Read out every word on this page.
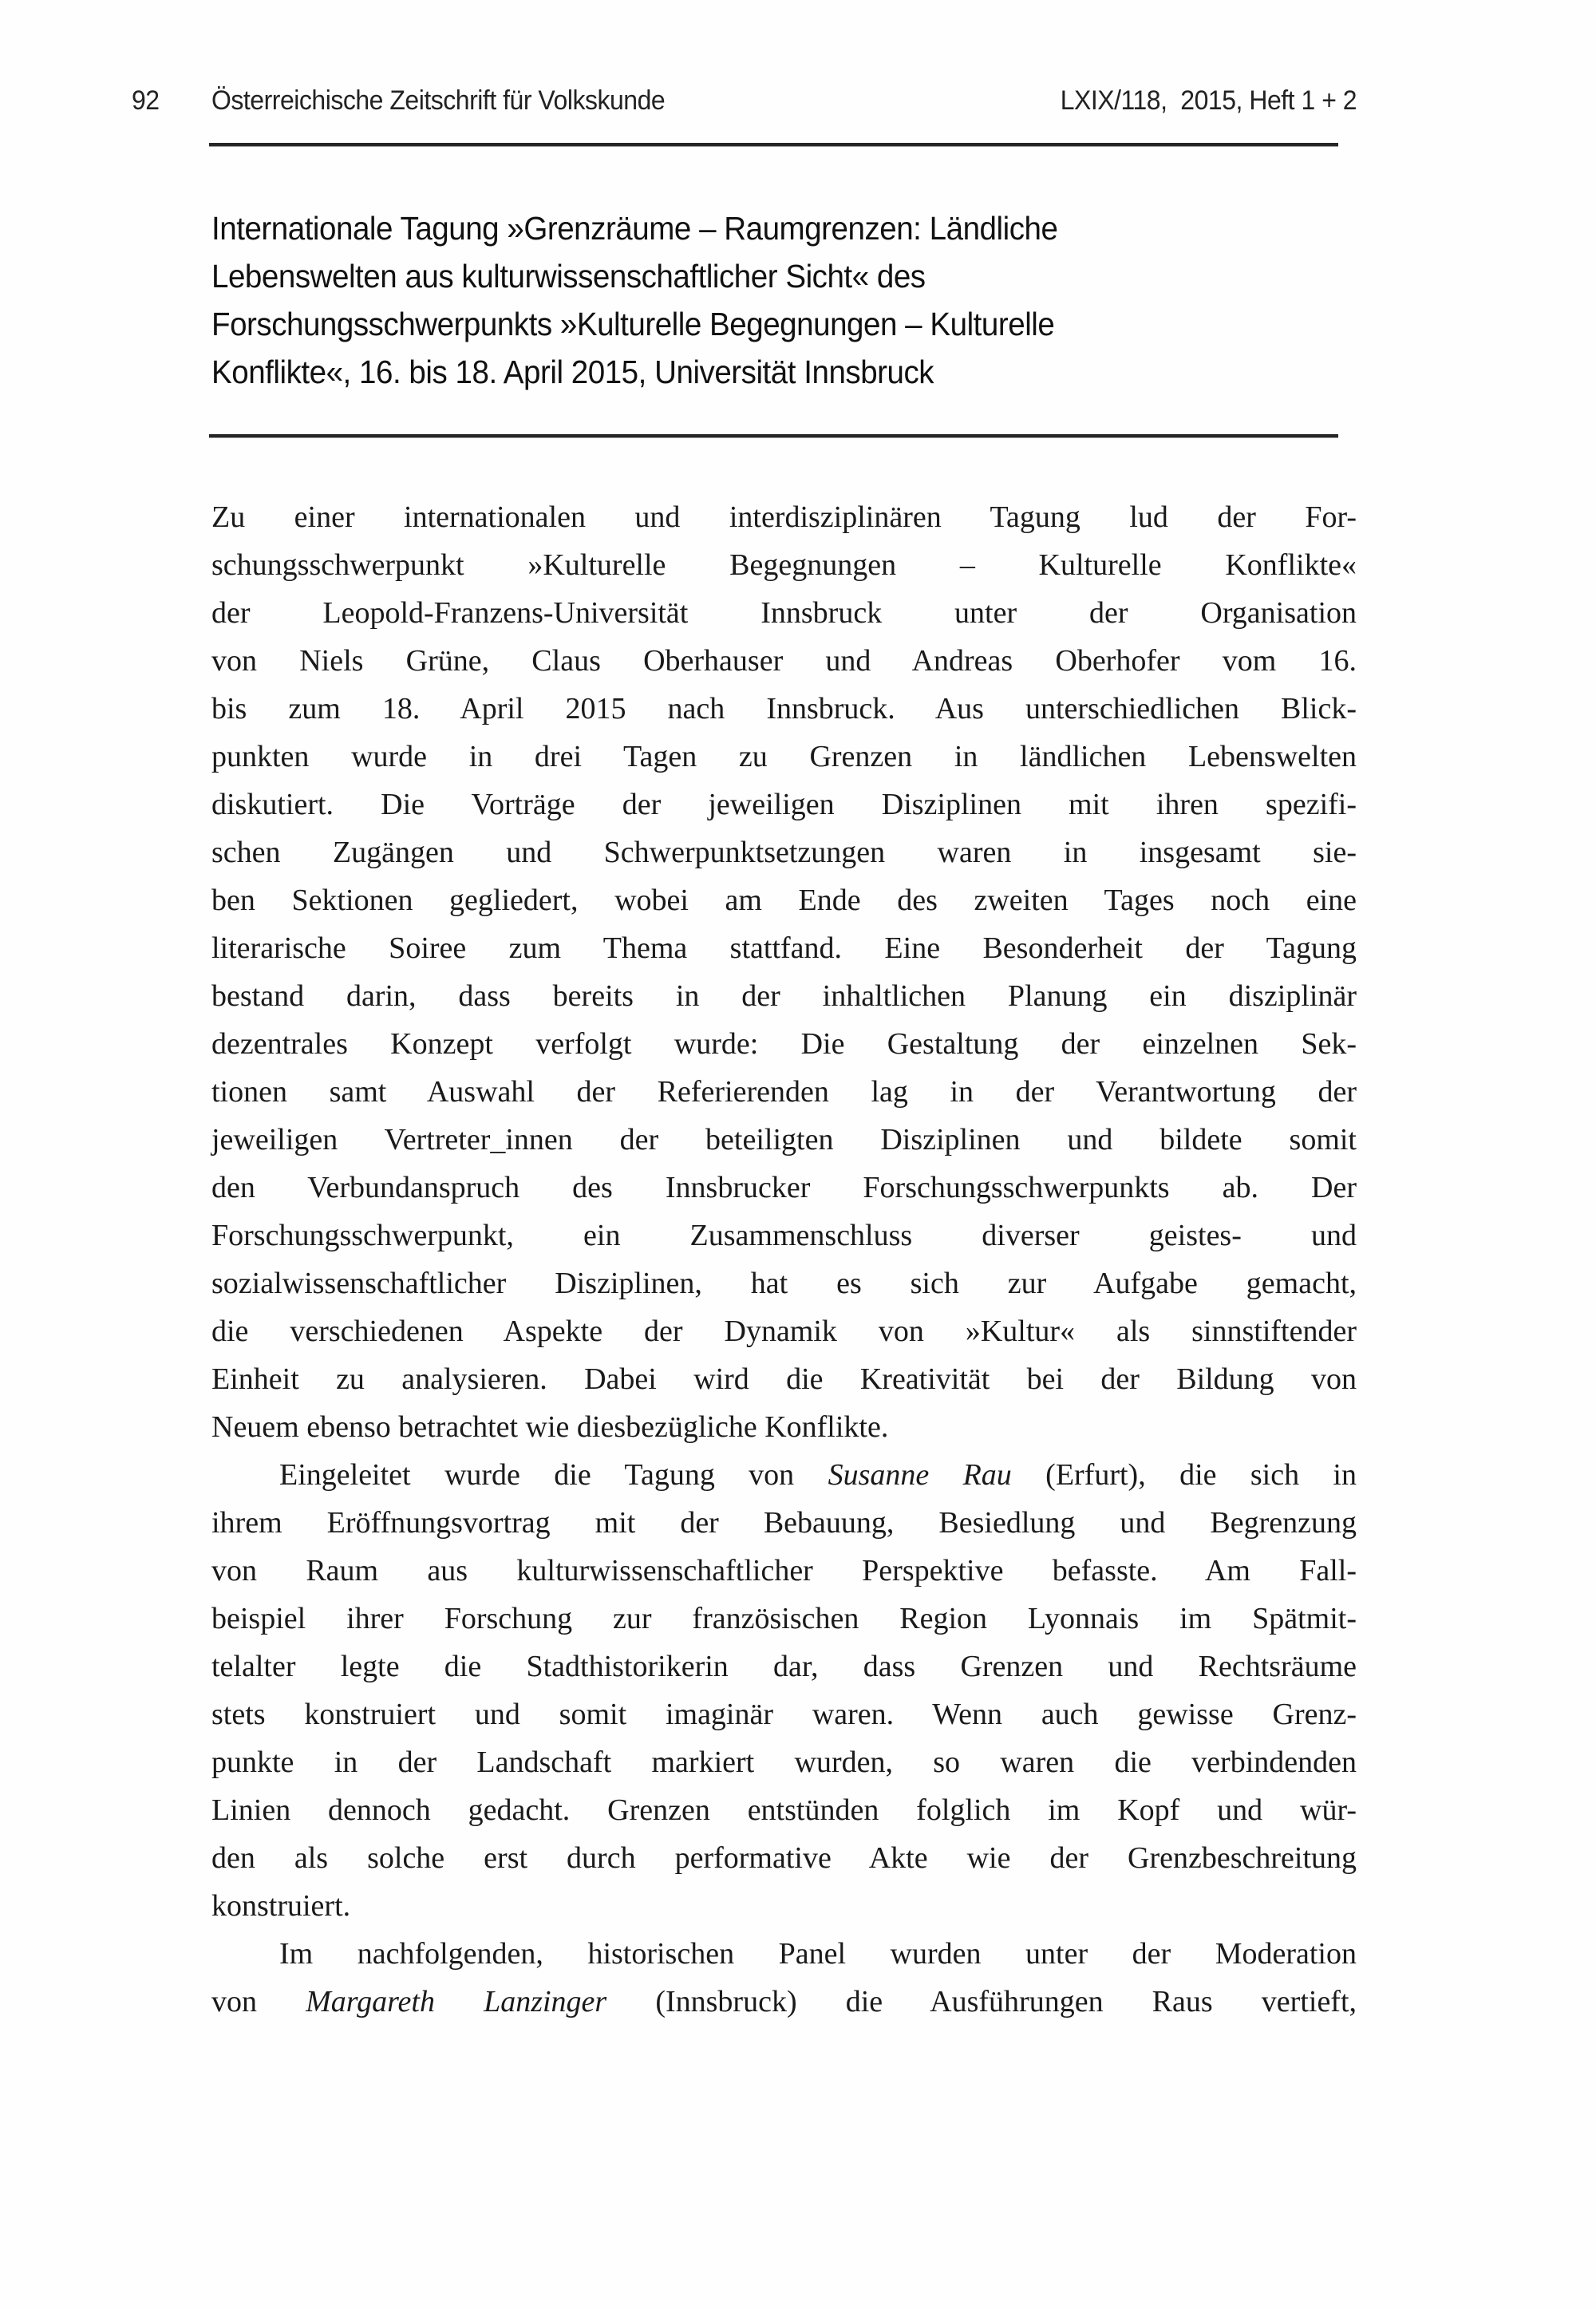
92 Österreichische Zeitschrift für Volkskunde	LXIX/118,  2015, Heft 1 + 2
Internationale Tagung »Grenzräume – Raumgrenzen: Ländliche
Lebenswelten aus kulturwissenschaftlicher Sicht« des
Forschungsschwerpunkts »Kulturelle Begegnungen – Kulturelle
Konflikte«, 16. bis 18. April 2015, Universität Innsbruck
Zu einer internationalen und interdisziplinären Tagung lud der For-
schungsschwerpunkt »Kulturelle Begegnungen – Kulturelle Konflikte«
der Leopold-Franzens-Universität Innsbruck unter der Organisation
von Niels Grüne, Claus Oberhauser und Andreas Oberhofer vom 16.
bis zum 18. April 2015 nach Innsbruck. Aus unterschiedlichen Blick-
punkten wurde in drei Tagen zu Grenzen in ländlichen Lebenswelten
diskutiert. Die Vorträge der jeweiligen Disziplinen mit ihren spezifi-
schen Zugängen und Schwerpunktsetzungen waren in insgesamt sie-
ben Sektionen gegliedert, wobei am Ende des zweiten Tages noch eine
literarische Soiree zum Thema stattfand. Eine Besonderheit der Tagung
bestand darin, dass bereits in der inhaltlichen Planung ein disziplinär
dezentrales Konzept verfolgt wurde: Die Gestaltung der einzelnen Sek-
tionen samt Auswahl der Referierenden lag in der Verantwortung der
jeweiligen Vertreter_innen der beteiligten Disziplinen und bildete somit
den Verbundanspruch des Innsbrucker Forschungsschwerpunkts ab. Der
Forschungsschwerpunkt, ein Zusammenschluss diverser geistes- und
sozialwissenschaftlicher Disziplinen, hat es sich zur Aufgabe gemacht,
die verschiedenen Aspekte der Dynamik von »Kultur« als sinnstiftender
Einheit zu analysieren. Dabei wird die Kreativität bei der Bildung von
Neuem ebenso betrachtet wie diesbezügliche Konflikte.
Eingeleitet wurde die Tagung von Susanne Rau (Erfurt), die sich in
ihrem Eröffnungsvortrag mit der Bebauung, Besiedlung und Begrenzung
von Raum aus kulturwissenschaftlicher Perspektive befasste. Am Fall-
beispiel ihrer Forschung zur französischen Region Lyonnais im Spätmit-
telalter legte die Stadthistorikerin dar, dass Grenzen und Rechtsräume
stets konstruiert und somit imaginär waren. Wenn auch gewisse Grenz-
punkte in der Landschaft markiert wurden, so waren die verbindenden
Linien dennoch gedacht. Grenzen entstünden folglich im Kopf und wür-
den als solche erst durch performative Akte wie der Grenzbeschreitung
konstruiert.
Im nachfolgenden, historischen Panel wurden unter der Moderation
von Margareth Lanzinger (Innsbruck) die Ausführungen Raus vertieft,
